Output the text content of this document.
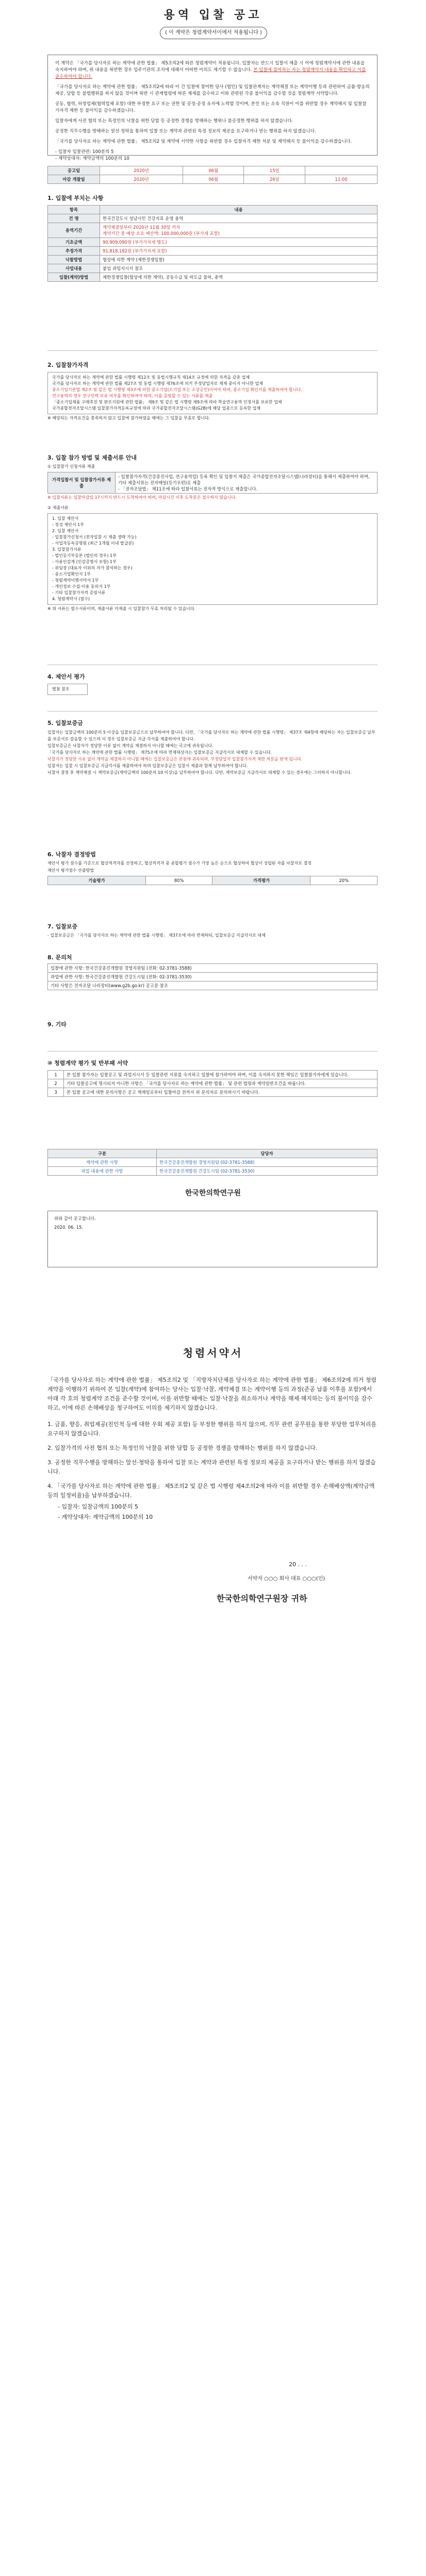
용역 입찰 공고
( 이 계약은 청렴계약서이에서 적용됩니다 )

이 계약은 「국가를 당사자로 하는 계약에 관한 법률」 제5조의2에 따른 청렴계약이 적용됩니다. 입찰자는 반드시 입찰서 제출 시 이에 청렴계약서에 관한 내용을 숙지하여야 하며, 위 내용을 위반한 경우 입주기관의 조치에 대해서 어떠한 이의도 제기할 수 없습니다. 본 입찰에 참여하는 자는 청렴계약서 내용을 확인하고 이를 준수하여야 합니다.

「국가를 당사자로 하는 계약에 관한 법률」 제5조의2에 따라 이 건 입찰에 참여한 당사 (법인) 및 입찰관계자는 계약체결 또는 계약이행 등과 관련하여 금품·향응의 제공, 담합 등 불법행위를 하지 않을 것이며 위반 시 관계법령에 따른 제재를 감수하고 이와 관련된 각종 불이익을 감수할 것을 청렴계약 서약합니다.

공동, 협력, 하청업체(협력업체 포함) 대한 부정한 요구 또는 권한 및 공정·공정 유지에 노력할 것이며, 본인 또는 소속 직원이 이를 위반할 경우 계약해지 및 입찰참가자격 제한 등 불이익을 감수하겠습니다.

입찰자에게 사전 협의 또는 특정인의 낙찰을 위한 담합 등 공정한 경쟁을 방해하는 행위나 불공정한 행위를 하지 않겠습니다.

공정한 직무수행을 방해하는 알선·청탁을 통하여 입찰 또는 계약과 관련된 특정 정보의 제공을 요구하거나 받는 행위를 하지 않겠습니다.

「국가를 당사자로 하는 계약에 관한 법률」 제5조의2 및 계약에 서약한 사항을 위반할 경우 입찰자격 제한 처분 및 계약해지 등 불이익을 감수하겠습니다.

- 입찰자 입찰관련: 100분의 5
- 계약상대자: 계약금액의 100분의 10
공고일	2020년	06월	15일	
마감 개찰일	2020년	06월	26일	11:00

1. 입찰에 부치는 사항

항목	내용
건 명	한국건강도시 성남시민 건강지표 운영 용역
용역기간	계약체결일부터 2020년 11월 30일 까지
계약기간 중 예상 소요 예산액: 100,000,000원 (부가세 포함)

기초금액	90,909,090원 (부가가치세 별도)
추정가격	91,818,182원 (부가가치세 포함)
낙찰방법	협상에 의한 계약 (제한경쟁입찰)
사업내용	붙임 과업지시서 참조
입찰(계약)방법	제한경쟁입찰(협상에 의한 계약), 공동수급 및 하도급 불허, 총액

2. 입찰참가자격

국가를 당사자로 하는 계약에 관한 법률 시행령 제12조 및 동법시행규칙 제14조 규정에 의한 자격을 갖춘 업체
국가를 당사자로 하는 계약에 관한 법률 제27조 및 동법 시행령 제76조에 의거 부정당업자로 제재 중이지 아니한 업체
중소기업기본법 제2조 및 같은 법 시행령 제3조에 의한 중소기업(소기업 또는 소상공인)이어야 하며, 중소기업 확인서를 제출하여야 합니다.
연구용역의 경우 연구인력 보유 여부를 확인하여야 하며, 이를 증빙할 수 있는 서류를 제출
「중소기업제품 구매촉진 및 판로지원에 관한 법률」 제9조 및 같은 법 시행령 제9조에 따라 학술연구용역 인정서를 보유한 업체
국가종합전자조달시스템 입찰참가자격등록규정에 따라 국가종합전자조달시스템(G2B)에 해당 업종으로 등록한 업체
※ 해당되는 자격요건을 충족하지 않고 입찰에 참가하였을 때에는 그 입찰을 무효로 합니다.

3. 입찰 참가 방법 및 제출서류 안내

① 입찰참가 신청서류 제출
가격입찰서 및 입찰참가서류 제출	
- 입찰참가자격(건강증진사업, 연구용역업) 등록 확인 및 입찰서 제출은 국가종합전자조달시스템(나라장터)을 통해서 제출하여야 하며, 기타 제출서류는 전자메일(등기우편)로 제출
- 「전자조달법」 제11조에 따라 입찰서류는 전자적 방식으로 제출합니다.
※ 입찰서류는 입찰마감일 17시까지 반드시 도착하여야 하며, 마감시간 이후 도착분은 접수하지 않습니다.
② 제출서류
1. 입찰 제안서
- 정성 제안서 1부
2. 입찰 제안서
- 입찰참가신청서 (전자입찰 시 제출 생략 가능)
- 사업자등록증명원 (최근 1개월 이내 발급분)
3. 입찰참가서류
- 법인등기부등본 (법인의 경우) 1부
- 사용인감계 (인감증명서 포함) 1부
- 위임장 (대표자 이외의 자가 참석하는 경우)
- 중소기업확인서 1부
- 청렴계약이행서약서 1부
- 개인정보 수집·이용 동의서 1부
- 기타 입찰참가자격 증빙서류
4. 청렴계약서 (필수)
※ 위 서류는 필수서류이며, 제출서류 미제출 시 입찰참가 무효 처리될 수 있습니다.

4. 제안서 평가

별첨 참조

5. 입찰보증금

입찰자는 입찰금액의 100분의 5 이상을 입찰보증금으로 납부하여야 합니다. 다만, 「국가를 당사자로 하는 계약에 관한 법률 시행령」 제37조 제4항에 해당하는 자는 입찰보증금 납부를 보증서로 갈음할 수 있으며 이 경우 입찰보증금 지급 각서를 제출하여야 합니다.
입찰보증금은 낙찰자가 정당한 이유 없이 계약을 체결하지 아니할 때에는 국고에 귀속됩니다.
「국가를 당사자로 하는 계약에 관한 법률 시행령」 제75조에 따라 면제대상자는 입찰보증금 지급각서로 대체할 수 있습니다.
낙찰자가 정당한 사유 없이 계약을 체결하지 아니할 때에는 입찰보증금은 본원에 귀속되며, 부정당업자 입찰참가자격 제한 처분을 받게 됩니다.
입찰자는 입찰 시 입찰보증금 지급각서를 제출하여야 하며 입찰보증금은 입찰서 제출과 함께 납부하여야 합니다.
낙찰자 결정 후 계약체결 시 계약보증금(계약금액의 100분의 10 이상)을 납부하여야 합니다. 다만, 계약보증금 지급각서로 대체할 수 있는 경우에는 그러하지 아니합니다.

6. 낙찰자 결정방법

제안서 평가 점수를 기준으로 협상적격자를 선정하고, 협상적격자 중 종합평가 점수가 가장 높은 순으로 협상하여 협상이 성립된 자를 낙찰자로 결정
제안서 평가점수 산출방법
기술평가	80%	가격평가	20%

7. 입찰보증

- 입찰보증금은 「국가를 당사자로 하는 계약에 관한 법률 시행령」 제37조에 따라 면제하되, 입찰보증금 지급각서로 대체

8. 문의처

입찰에 관한 사항: 한국건강증진개발원 경영지원팀 (전화: 02-3781-3588)
과업에 관한 사항: 한국건강증진개발원 건강도시팀 (전화: 02-3781-3530)
기타 사항은 전자조달 나라장터(www.g2b.go.kr) 공고문 참조

9. 기타

⑩ 청렴계약 평가 및 반부패 서약

1	본 입찰 참가자는 입찰공고 및 과업지시서 등 입찰관련 서류를 숙지하고 입찰에 참가하여야 하며, 이를 숙지하지 못한 책임은 입찰참가자에게 있습니다.
2	기타 입찰공고에 명시되지 아니한 사항은 「국가를 당사자로 하는 계약에 관한 법률」 및 관련 법령과 계약일반조건을 따릅니다.
3	본 입찰 공고에 대한 문의사항은 공고 게재일로부터 입찰마감 전까지 위 문의처로 문의하시기 바랍니다.
구분	담당자
계약에 관한 사항	한국건강증진개발원 경영지원팀 (02-3781-3588)
과업 내용에 관한 사항	한국건강증진개발원 건강도시팀 (02-3781-3530)
한국한의학연구원
위와 같이 공고합니다.
2020. 06. 15.
청렴서약서

「국가를 당사자로 하는 계약에 관한 법률」 제5조의2 및 「지방자치단체를 당사자로 하는 계약에 관한 법률」 제6조의2에 의거 청렴계약을 이행하기 위하여 본 입찰(계약)에 참여하는 당사는 입찰·낙찰, 계약체결 또는 계약이행 등의 과정(준공 납품 이후를 포함)에서 아래 각 호의 청렴계약 조건을 준수할 것이며, 이를 위반할 때에는 입찰·낙찰을 취소하거나 계약을 해제·해지하는 등의 불이익을 감수하고, 이에 따른 손해배상을 청구하여도 이의를 제기하지 않겠습니다.

1. 금품, 향응, 취업제공(친인척 등에 대한 우회 제공 포함) 등 부정한 행위를 하지 않으며, 직무 관련 공무원을 통한 부당한 업무처리를 요구하지 않겠습니다.

2. 입찰가격의 사전 협의 또는 특정인의 낙찰을 위한 담합 등 공정한 경쟁을 방해하는 행위를 하지 않겠습니다.

3. 공정한 직무수행을 방해하는 알선·청탁을 통하여 입찰 또는 계약과 관련된 특정 정보의 제공을 요구하거나 받는 행위를 하지 않겠습니다.

4. 「국가를 당사자로 하는 계약에 관한 법률」 제5조의2 및 같은 법 시행령 제4조의2에 따라 이를 위반할 경우 손해배상액(계약금액 등의 일정비율)을 납부하겠습니다.

- 입찰자: 입찰금액의 100분의 5

- 계약상대자: 계약금액의 100분의 10

20 . . .
서약자 ○○○ 회사 대표 ○○○(인)
한국한의학연구원장 귀하
